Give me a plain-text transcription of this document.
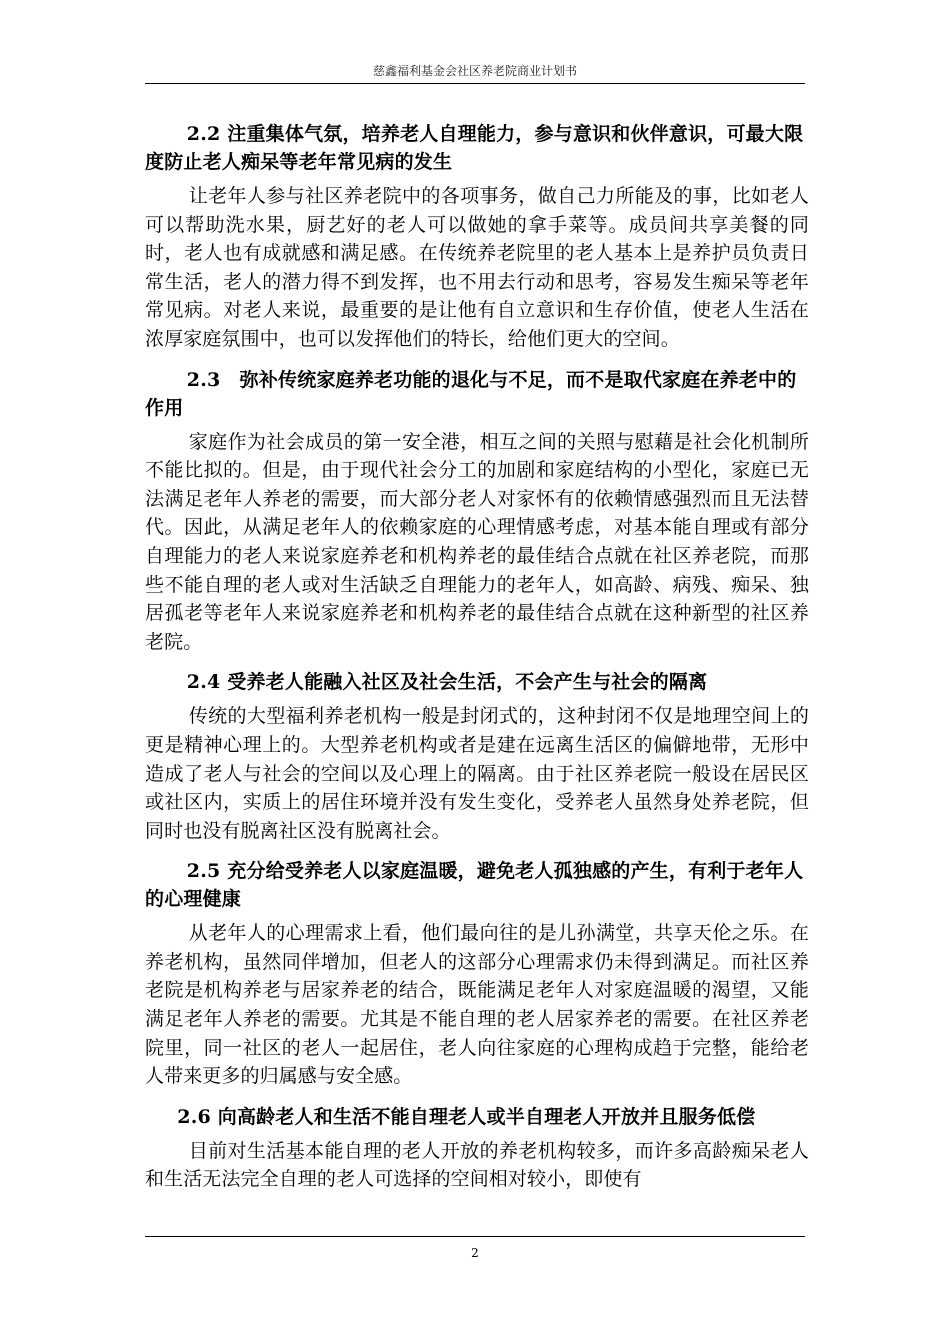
慈鑫福利基金会社区养老院商业计划书
2.2 注重集体气氛，培养老人自理能力，参与意识和伙伴意识，可最大限度防止老人痴呆等老年常见病的发生

让老年人参与社区养老院中的各项事务，做自己力所能及的事，比如老人可以帮助洗水果，厨艺好的老人可以做她的拿手菜等。成员间共享美餐的同时，老人也有成就感和满足感。在传统养老院里的老人基本上是养护员负责日常生活，老人的潜力得不到发挥，也不用去行动和思考，容易发生痴呆等老年常见病。对老人来说，最重要的是让他有自立意识和生存价值，使老人生活在浓厚家庭氛围中，也可以发挥他们的特长，给他们更大的空间。

2.3　弥补传统家庭养老功能的退化与不足，而不是取代家庭在养老中的作用

家庭作为社会成员的第一安全港，相互之间的关照与慰藉是社会化机制所不能比拟的。但是，由于现代社会分工的加剧和家庭结构的小型化，家庭已无法满足老年人养老的需要，而大部分老人对家怀有的依赖情感强烈而且无法替代。因此，从满足老年人的依赖家庭的心理情感考虑，对基本能自理或有部分自理能力的老人来说家庭养老和机构养老的最佳结合点就在社区养老院，而那些不能自理的老人或对生活缺乏自理能力的老年人，如高龄、病残、痴呆、独居孤老等老年人来说家庭养老和机构养老的最佳结合点就在这种新型的社区养老院。

2.4 受养老人能融入社区及社会生活，不会产生与社会的隔离

传统的大型福利养老机构一般是封闭式的，这种封闭不仅是地理空间上的更是精神心理上的。大型养老机构或者是建在远离生活区的偏僻地带，无形中造成了老人与社会的空间以及心理上的隔离。由于社区养老院一般设在居民区或社区内，实质上的居住环境并没有发生变化，受养老人虽然身处养老院，但同时也没有脱离社区没有脱离社会。

2.5 充分给受养老人以家庭温暖，避免老人孤独感的产生，有利于老年人的心理健康

从老年人的心理需求上看，他们最向往的是儿孙满堂，共享天伦之乐。在养老机构，虽然同伴增加，但老人的这部分心理需求仍未得到满足。而社区养老院是机构养老与居家养老的结合，既能满足老年人对家庭温暖的渴望，又能满足老年人养老的需要。尤其是不能自理的老人居家养老的需要。在社区养老院里，同一社区的老人一起居住，老人向往家庭的心理构成趋于完整，能给老人带来更多的归属感与安全感。

2.6 向高龄老人和生活不能自理老人或半自理老人开放并且服务低偿

目前对生活基本能自理的老人开放的养老机构较多，而许多高龄痴呆老人和生活无法完全自理的老人可选择的空间相对较小，即使有

2
